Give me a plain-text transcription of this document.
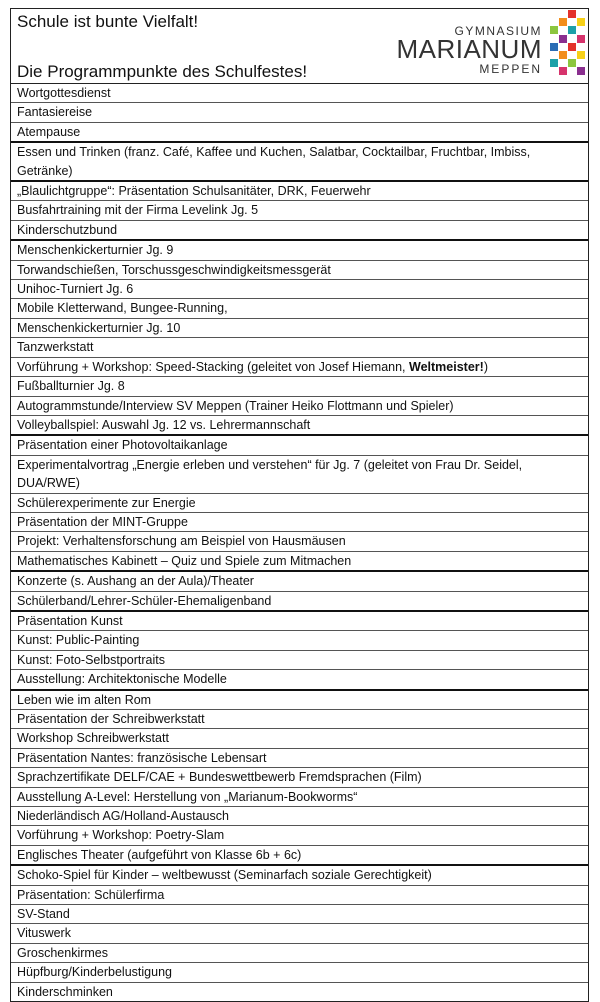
Schule ist bunte Vielfalt!
Die Programmpunkte des Schulfestes!
GYMNASIUM
MARIANUM
MEPPEN
Wortgottesdienst
Fantasiereise
Atempause
Essen und Trinken (franz. Café, Kaffee und Kuchen, Salatbar, Cocktailbar, Fruchtbar, Imbiss, Getränke)
„Blaulichtgruppe“: Präsentation Schulsanitäter, DRK, Feuerwehr
Busfahrtraining mit der Firma Levelink Jg. 5
Kinderschutzbund
Menschenkickerturnier Jg. 9
Torwandschießen, Torschussgeschwindigkeitsmessgerät
Unihoc-Turniert Jg. 6
Mobile Kletterwand, Bungee-Running,
Menschenkickerturnier Jg. 10
Tanzwerkstatt
Vorführung + Workshop: Speed-Stacking (geleitet von Josef Hiemann, Weltmeister!)
Fußballturnier Jg. 8
Autogrammstunde/Interview SV Meppen (Trainer Heiko Flottmann und Spieler)
Volleyballspiel: Auswahl Jg. 12 vs. Lehrermannschaft
Präsentation einer Photovoltaikanlage
Experimentalvortrag „Energie erleben und verstehen“ für Jg. 7 (geleitet von Frau Dr. Seidel, DUA/RWE)
Schülerexperimente zur Energie
Präsentation der MINT-Gruppe
Projekt: Verhaltensforschung am Beispiel von Hausmäusen
Mathematisches Kabinett – Quiz und Spiele zum Mitmachen
Konzerte (s. Aushang an der Aula)/Theater
Schülerband/Lehrer-Schüler-Ehemaligenband
Präsentation Kunst
Kunst: Public-Painting
Kunst: Foto-Selbstportraits
Ausstellung: Architektonische Modelle
Leben wie im alten Rom
Präsentation der Schreibwerkstatt
Workshop Schreibwerkstatt
Präsentation Nantes: französische Lebensart
Sprachzertifikate DELF/CAE + Bundeswettbewerb Fremdsprachen (Film)
Ausstellung A-Level: Herstellung von „Marianum-Bookworms“
Niederländisch AG/Holland-Austausch
Vorführung + Workshop: Poetry-Slam
Englisches Theater (aufgeführt von Klasse 6b + 6c)
Schoko-Spiel für Kinder – weltbewusst (Seminarfach soziale Gerechtigkeit)
Präsentation: Schülerfirma
SV-Stand
Vituswerk
Groschenkirmes
Hüpfburg/Kinderbelustigung
Kinderschminken
